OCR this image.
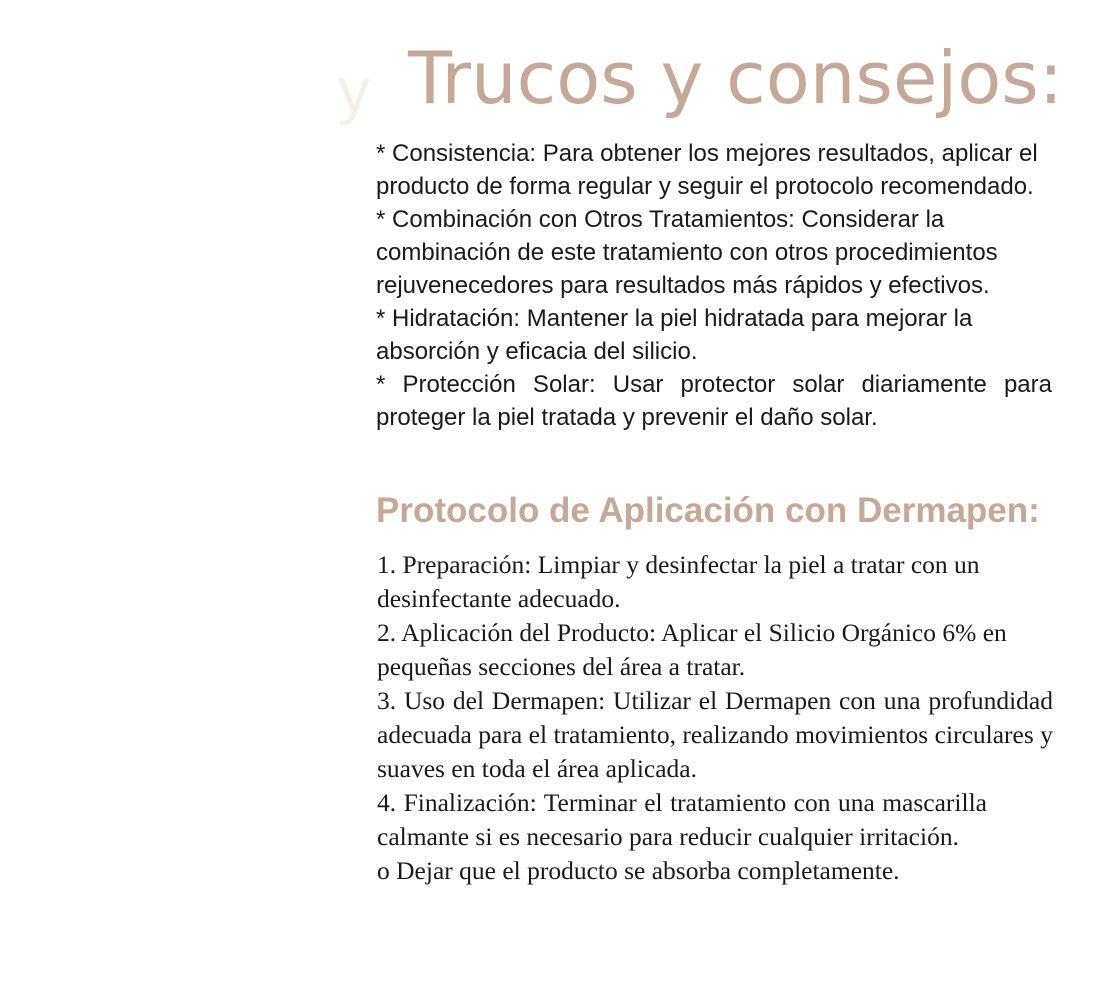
y Trucos y consejos:
* Consistencia: Para obtener los mejores resultados, aplicar el producto de forma regular y seguir el protocolo recomendado.
* Combinación con Otros Tratamientos: Considerar la combinación de este tratamiento con otros procedimientos rejuvenecedores para resultados más rápidos y efectivos.
* Hidratación: Mantener la piel hidratada para mejorar la absorción y eficacia del silicio.
* Protección Solar: Usar protector solar diariamente para proteger la piel tratada y prevenir el daño solar.
Protocolo de Aplicación con Dermapen:
1. Preparación: Limpiar y desinfectar la piel a tratar con un desinfectante adecuado.
2. Aplicación del Producto: Aplicar el Silicio Orgánico 6% en pequeñas secciones del área a tratar.
3. Uso del Dermapen: Utilizar el Dermapen con una profundidad adecuada para el tratamiento, realizando movimientos circulares y suaves en toda el área aplicada.
4. Finalización: Terminar el tratamiento con una mascarilla calmante si es necesario para reducir cualquier irritación.
o Dejar que el producto se absorba completamente.
